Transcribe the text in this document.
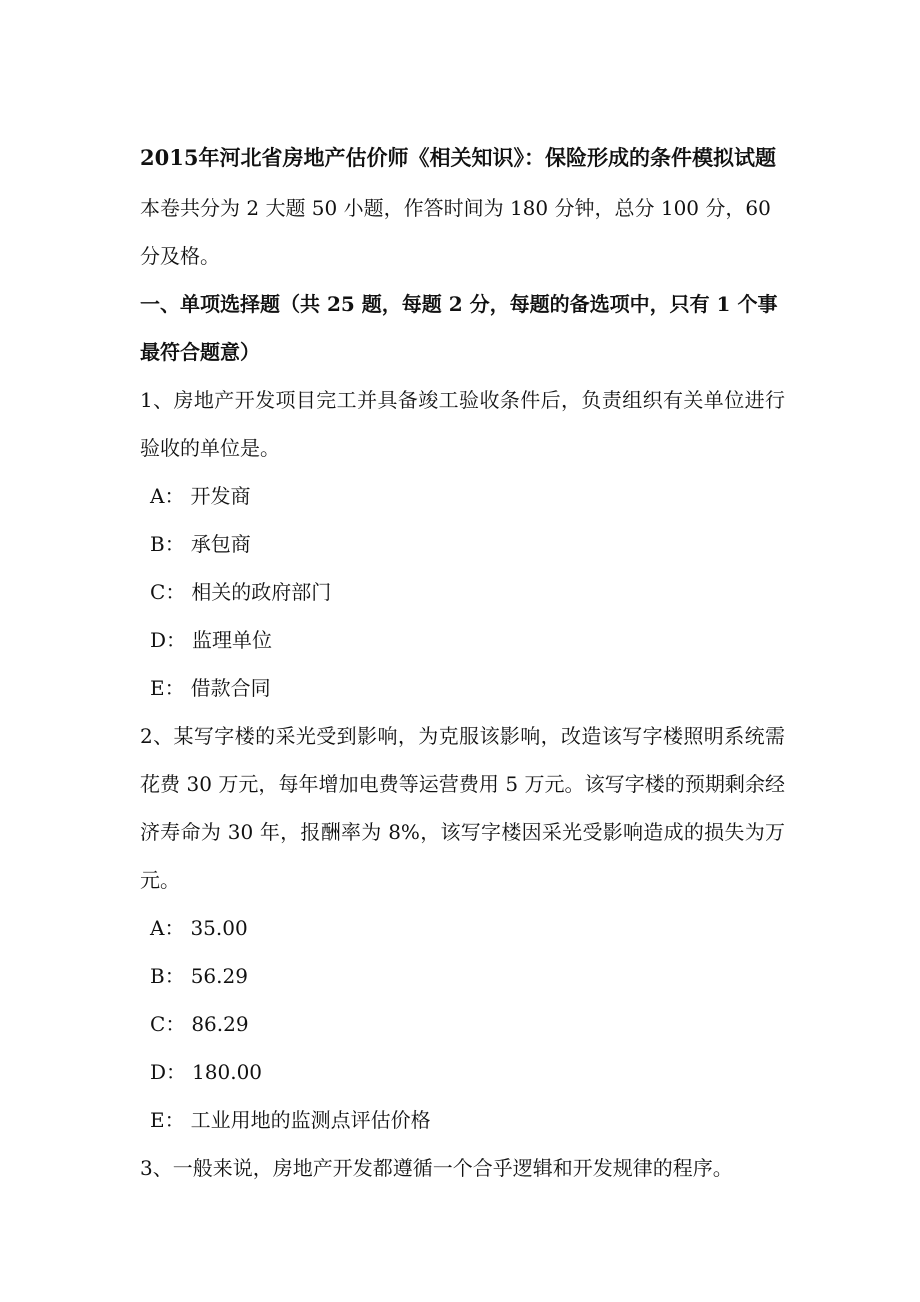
2015年河北省房地产估价师《相关知识》：保险形成的条件模拟试题

本卷共分为 2 大题 50 小题，作答时间为 180 分钟，总分 100 分，60 分及格。

一、单项选择题（共 25 题，每题 2 分，每题的备选项中，只有 1 个事最符合题意）

1、房地产开发项目完工并具备竣工验收条件后，负责组织有关单位进行验收的单位是。

A： 开发商
B： 承包商
C： 相关的政府部门
D： 监理单位
E： 借款合同

2、某写字楼的采光受到影响，为克服该影响，改造该写字楼照明系统需花费 30 万元，每年增加电费等运营费用 5 万元。该写字楼的预期剩余经济寿命为 30 年，报酬率为 8%，该写字楼因采光受影响造成的损失为万元。

A： 35.00
B： 56.29
C： 86.29
D： 180.00
E： 工业用地的监测点评估价格

3、一般来说，房地产开发都遵循一个合乎逻辑和开发规律的程序。
